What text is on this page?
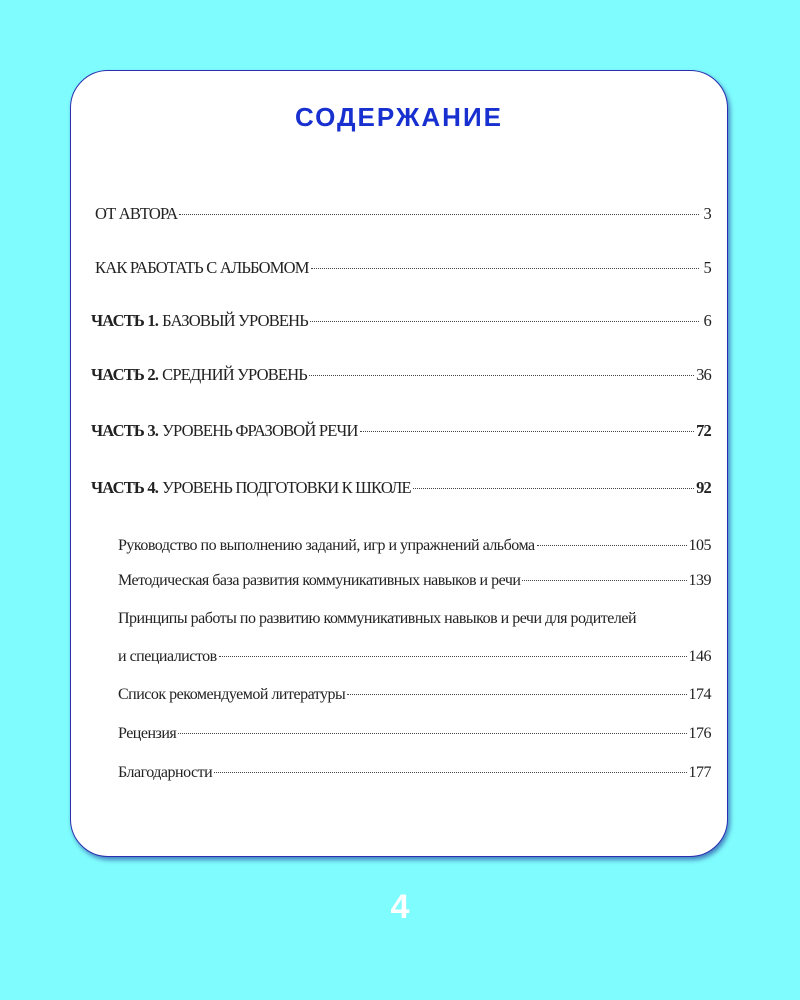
СОДЕРЖАНИЕ
ОТ АВТОРА	3
КАК РАБОТАТЬ С АЛЬБОМОМ	5
ЧАСТЬ 1. БАЗОВЫЙ УРОВЕНЬ	6
ЧАСТЬ 2. СРЕДНИЙ УРОВЕНЬ	36
ЧАСТЬ 3. УРОВЕНЬ ФРАЗОВОЙ РЕЧИ	72
ЧАСТЬ 4. УРОВЕНЬ ПОДГОТОВКИ К ШКОЛЕ	92
Руководство по выполнению заданий, игр и упражнений альбома	105
Методическая база развития коммуникативных навыков и речи	139
Принципы работы по развитию коммуникативных навыков и речи для родителей
и специалистов	146
Список рекомендуемой литературы	174
Рецензия	176
Благодарности	177
4
